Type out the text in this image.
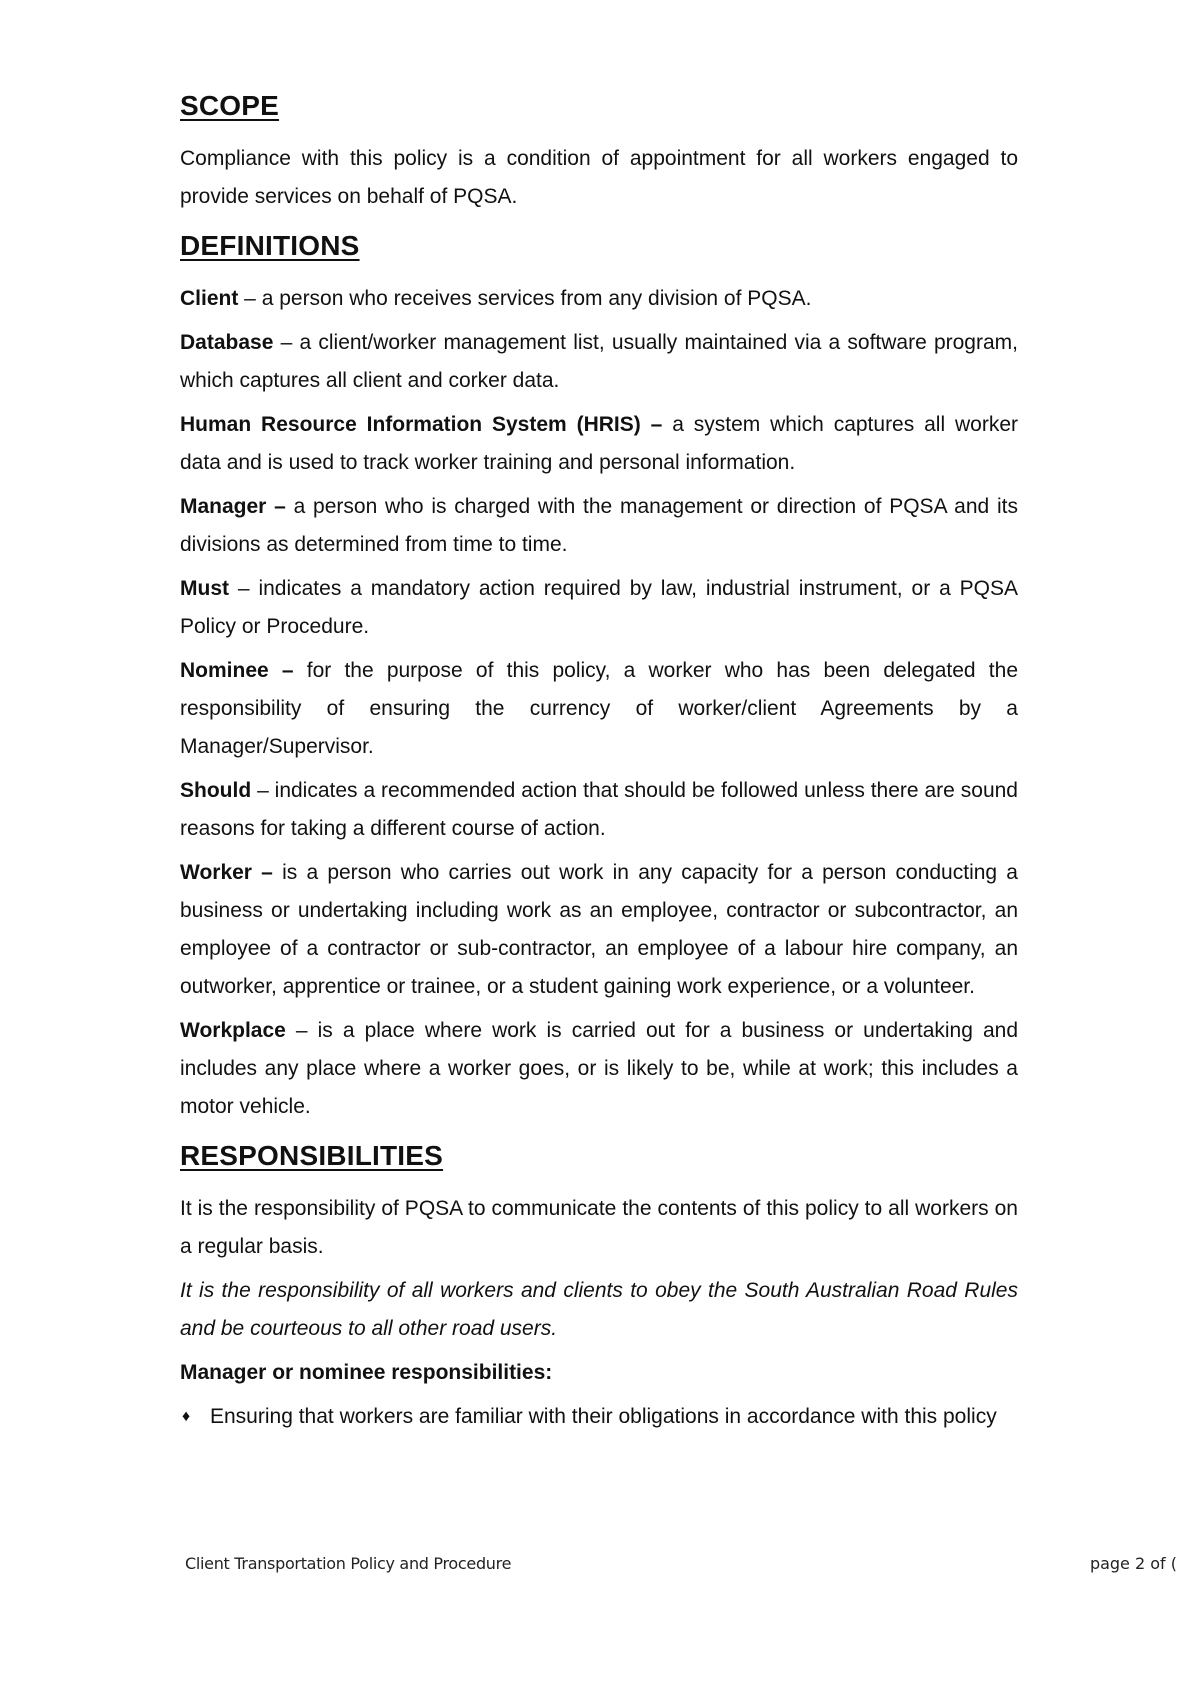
SCOPE

Compliance with this policy is a condition of appointment for all workers engaged to provide services on behalf of PQSA.

DEFINITIONS

Client – a person who receives services from any division of PQSA.

Database – a client/worker management list, usually maintained via a software program, which captures all client and corker data.

Human Resource Information System (HRIS) – a system which captures all worker data and is used to track worker training and personal information.

Manager – a person who is charged with the management or direction of PQSA and its divisions as determined from time to time.

Must – indicates a mandatory action required by law, industrial instrument, or a PQSA Policy or Procedure.

Nominee – for the purpose of this policy, a worker who has been delegated the responsibility of ensuring the currency of worker/client Agreements by a Manager/Supervisor.

Should – indicates a recommended action that should be followed unless there are sound reasons for taking a different course of action.

Worker – is a person who carries out work in any capacity for a person conducting a business or undertaking including work as an employee, contractor or subcontractor, an employee of a contractor or sub-contractor, an employee of a labour hire company, an outworker, apprentice or trainee, or a student gaining work experience, or a volunteer.

Workplace – is a place where work is carried out for a business or undertaking and includes any place where a worker goes, or is likely to be, while at work; this includes a motor vehicle.

RESPONSIBILITIES

It is the responsibility of PQSA to communicate the contents of this policy to all workers on a regular basis.

It is the responsibility of all workers and clients to obey the South Australian Road Rules and be courteous to all other road users.

Manager or nominee responsibilities:
♦ Ensuring that workers are familiar with their obligations in accordance with this policy
Client Transportation Policy and Procedure	page 2 of (
